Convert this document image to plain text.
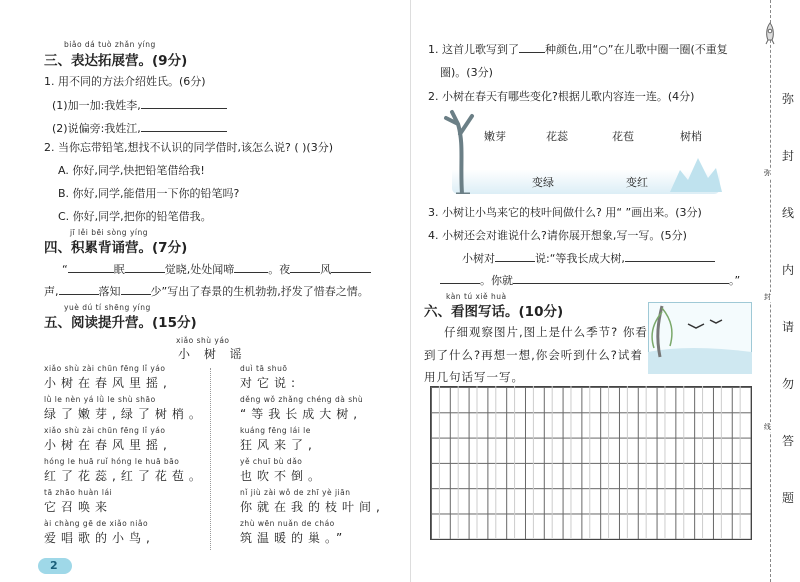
biǎo dá tuò zhǎn yíng
三、表达拓展营。(9分)
1. 用不同的方法介绍姓氏。(6分)
(1)加一加:我姓李,
(2)说偏旁:我姓江,
2. 当你忘带铅笔,想找不认识的同学借时,该怎么说? ( )(3分)
A. 你好,同学,快把铅笔借给我!
B. 你好,同学,能借用一下你的铅笔吗?
C. 你好,同学,把你的铅笔借我。
jī lěi bēi sòng yíng
四、积累背诵营。(7分)
“	眠	觉晓,处处闻啼	。夜	风
声,	落知	少”写出了春景的生机勃勃,抒发了惜春之情。
yuè dú tí shēng yíng
五、阅读提升营。(15分)
xiǎo shù yáo
小 树 谣
xiǎo shù zài chūn fēng lǐ yáo
小树在春风里摇,
lǜ le nèn yá lǜ le shù shāo
绿了嫩芽,绿了树梢。
xiǎo shù zài chūn fēng lǐ yáo
小树在春风里摇,
hóng le huā ruǐ hóng le huā bāo
红了花蕊,红了花苞。
tā zhāo huàn lái
它召唤来
ài chàng gē de xiǎo niǎo
爱唱歌的小鸟,
duì tā shuō
对它说:
děng wǒ zhǎng chéng dà shù
“等我长成大树,
kuáng fēng lái le
狂风来了,
yě chuī bù dǎo
也吹不倒。
nǐ jiù zài wǒ de zhī yè jiān
你就在我的枝叶间,
zhù wēn nuǎn de cháo
筑温暖的巢。”
2
1. 这首儿歌写到了 种颜色,用“○”在儿歌中圈一圈(不重复
圈)。(3分)
2. 小树在春天有哪些变化?根据儿歌内容连一连。(4分)
嫩芽	花蕊	花苞	树梢
变绿	变红
3. 小树让小鸟来它的枝叶间做什么? 用“ ”画出来。(3分)
4. 小树还会对谁说什么?请你展开想象,写一写。(5分)
小树对	说:“等我长成大树,
。你就	。”
kàn tú xiě huà
六、看图写话。(10分)
仔细观察图片,图上是什么季节? 你看
到了什么?再想一想,你会听到什么?试着
用几句话写一写。
弥
封
线
内
请
勿
答
题
弥
封
线
